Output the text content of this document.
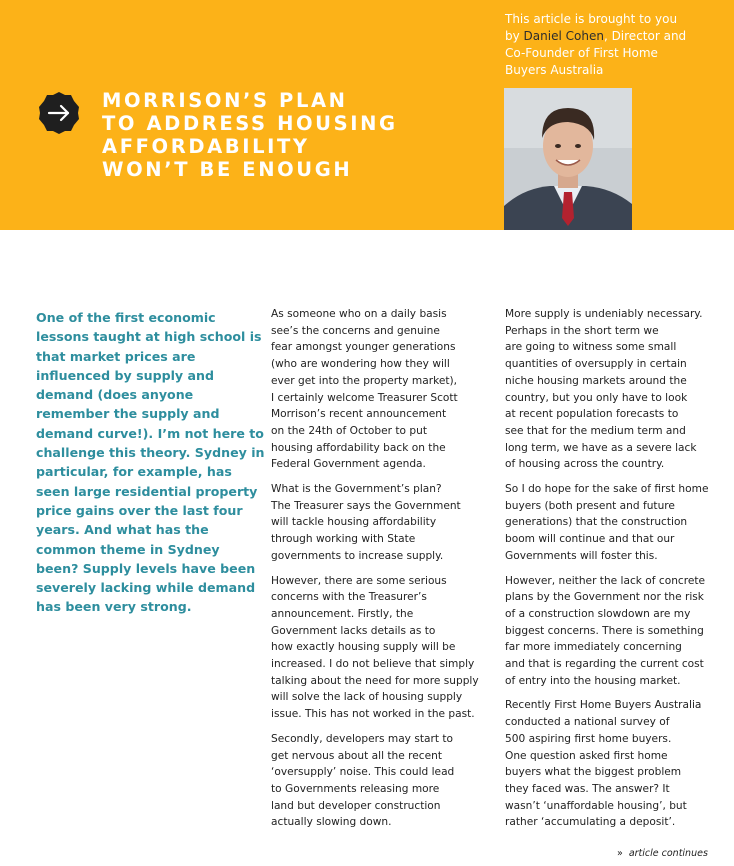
MORRISON’S PLAN
TO ADDRESS HOUSING
AFFORDABILITY
WON’T BE ENOUGH
This article is brought to you
by Daniel Cohen, Director and
Co-Founder of First Home
Buyers Australia

One of the first economic
lessons taught at high school is
that market prices are
influenced by supply and
demand (does anyone
remember the supply and
demand curve!). I’m not here to
challenge this theory. Sydney in
particular, for example, has
seen large residential property
price gains over the last four
years. And what has the
common theme in Sydney
been? Supply levels have been
severely lacking while demand
has been very strong.

As someone who on a daily basis
see’s the concerns and genuine
fear amongst younger generations
(who are wondering how they will
ever get into the property market),
I certainly welcome Treasurer Scott
Morrison’s recent announcement
on the 24th of October to put
housing affordability back on the
Federal Government agenda.

What is the Government’s plan?
The Treasurer says the Government
will tackle housing affordability
through working with State
governments to increase supply.

However, there are some serious
concerns with the Treasurer’s
announcement. Firstly, the
Government lacks details as to
how exactly housing supply will be
increased. I do not believe that simply
talking about the need for more supply
will solve the lack of housing supply
issue. This has not worked in the past.

Secondly, developers may start to
get nervous about all the recent
‘oversupply’ noise. This could lead
to Governments releasing more
land but developer construction
actually slowing down.

More supply is undeniably necessary.
Perhaps in the short term we
are going to witness some small
quantities of oversupply in certain
niche housing markets around the
country, but you only have to look
at recent population forecasts to
see that for the medium term and
long term, we have as a severe lack
of housing across the country.

So I do hope for the sake of first home
buyers (both present and future
generations) that the construction
boom will continue and that our
Governments will foster this.

However, neither the lack of concrete
plans by the Government nor the risk
of a construction slowdown are my
biggest concerns. There is something
far more immediately concerning
and that is regarding the current cost
of entry into the housing market.

Recently First Home Buyers Australia
conducted a national survey of
500 aspiring first home buyers.
One question asked first home
buyers what the biggest problem
they faced was. The answer? It
wasn’t ‘unaffordable housing’, but
rather ‘accumulating a deposit’.

» article continues
